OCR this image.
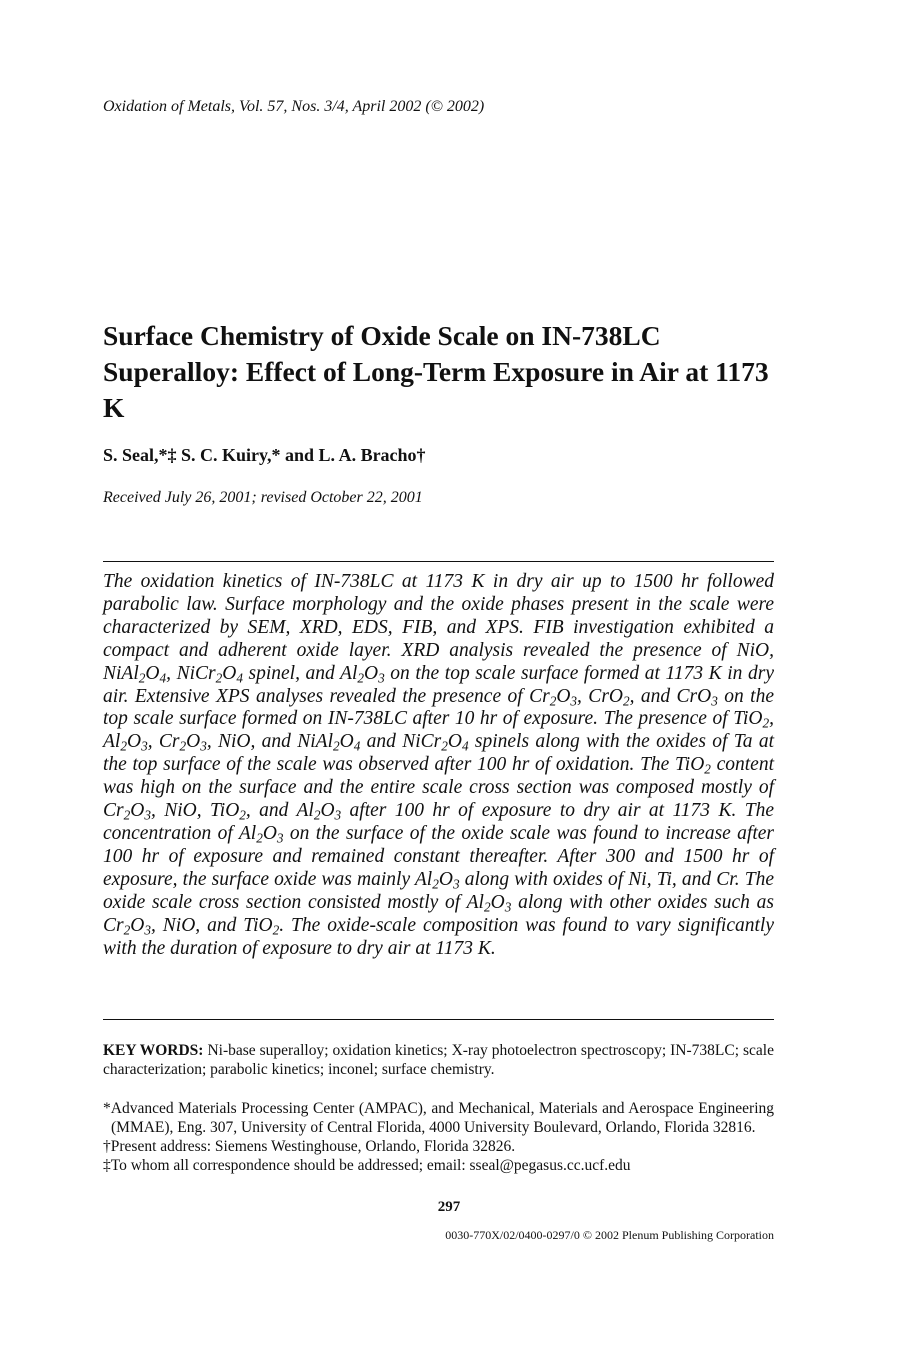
Oxidation of Metals, Vol. 57, Nos. 3/4, April 2002 (© 2002)
Surface Chemistry of Oxide Scale on IN-738LC Superalloy: Effect of Long-Term Exposure in Air at 1173 K
S. Seal,*‡ S. C. Kuiry,* and L. A. Bracho†
Received July 26, 2001; revised October 22, 2001

The oxidation kinetics of IN-738LC at 1173 K in dry air up to 1500 hr followed parabolic law. Surface morphology and the oxide phases present in the scale were characterized by SEM, XRD, EDS, FIB, and XPS. FIB investigation exhibited a compact and adherent oxide layer. XRD analysis revealed the presence of NiO, $NiAl_2O_4$, $NiCr_2O_4$ spinel, and $Al_2O_3$ on the top scale surface formed at 1173 K in dry air. Extensive XPS analyses revealed the presence of $Cr_2O_3$, CrO$_2$, and CrO$_3$ on the top scale surface formed on IN-738LC after 10 hr of exposure. The presence of TiO$_2$, $Al_2O_3$, $Cr_2O_3$, NiO, and $NiAl_2O_4$ and $NiCr_2O_4$ spinels along with the oxides of Ta at the top surface of the scale was observed after 100 hr of oxidation. The TiO$_2$ content was high on the surface and the entire scale cross section was composed mostly of $Cr_2O_3$, NiO, TiO$_2$, and $Al_2O_3$ after 100 hr of exposure to dry air at 1173 K. The concentration of $Al_2O_3$ on the surface of the oxide scale was found to increase after 100 hr of exposure and remained constant thereafter. After 300 and 1500 hr of exposure, the surface oxide was mainly $Al_2O_3$ along with oxides of Ni, Ti, and Cr. The oxide scale cross section consisted mostly of $Al_2O_3$ along with other oxides such as $Cr_2O_3$, NiO, and TiO$_2$. The oxide-scale composition was found to vary significantly with the duration of exposure to dry air at 1173 K.

KEY WORDS: Ni-base superalloy; oxidation kinetics; X-ray photoelectron spectroscopy; IN-738LC; scale characterization; parabolic kinetics; inconel; surface chemistry.

*Advanced Materials Processing Center (AMPAC), and Mechanical, Materials and Aerospace Engineering (MMAE), Eng. 307, University of Central Florida, 4000 University Boulevard, Orlando, Florida 32816.

†Present address: Siemens Westinghouse, Orlando, Florida 32826.

‡To whom all correspondence should be addressed; email: sseal@pegasus.cc.ucf.edu

297
0030-770X/02/0400-0297/0 © 2002 Plenum Publishing Corporation
